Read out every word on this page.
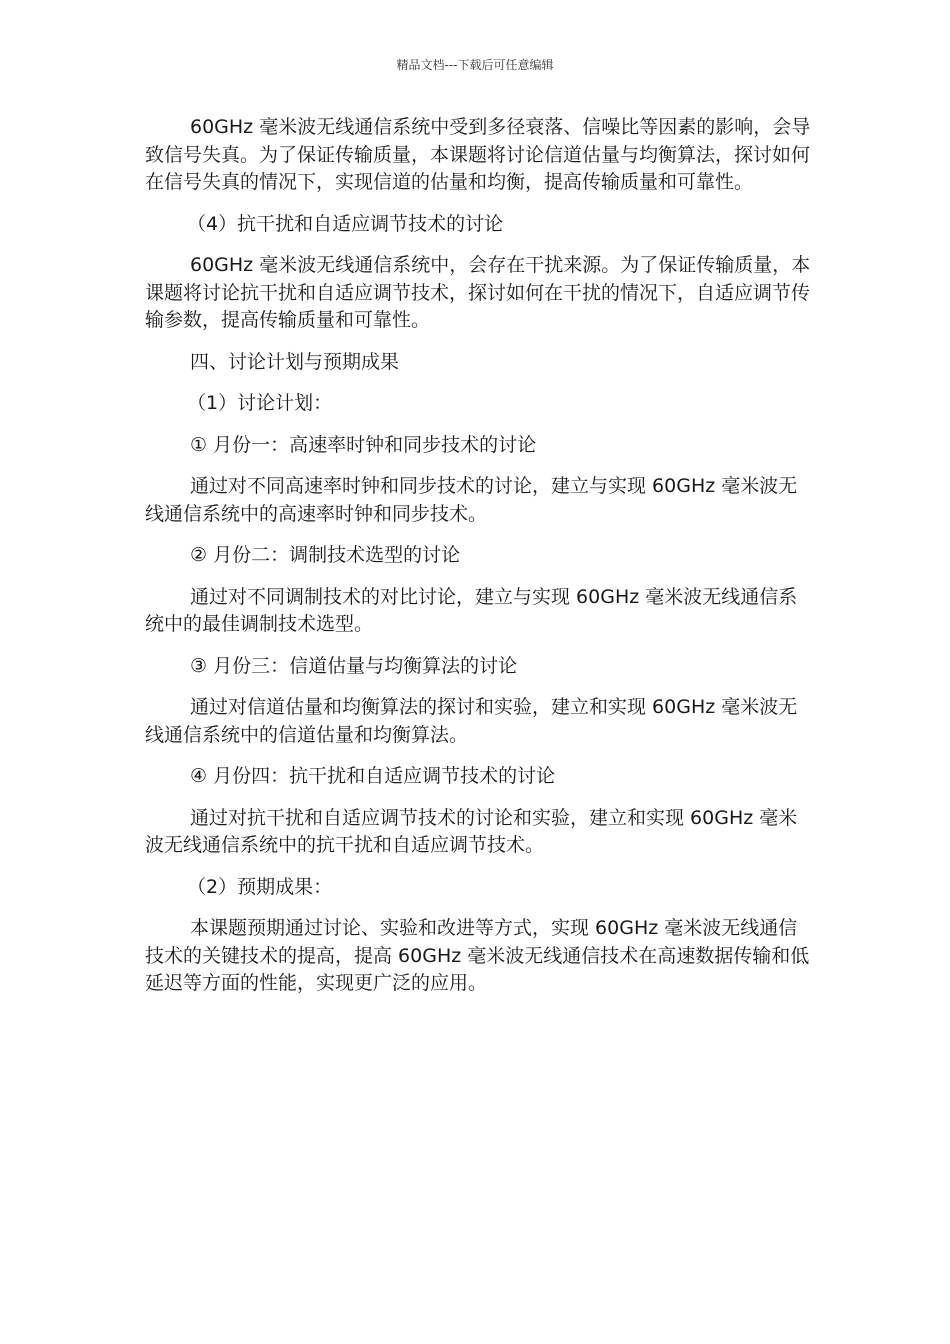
精品文档---下载后可任意编辑

60GHz 毫米波无线通信系统中受到多径衰落、信噪比等因素的影响，会导致信号失真。为了保证传输质量，本课题将讨论信道估量与均衡算法，探讨如何在信号失真的情况下，实现信道的估量和均衡，提高传输质量和可靠性。

（4）抗干扰和自适应调节技术的讨论

60GHz 毫米波无线通信系统中，会存在干扰来源。为了保证传输质量，本课题将讨论抗干扰和自适应调节技术，探讨如何在干扰的情况下，自适应调节传输参数，提高传输质量和可靠性。

四、讨论计划与预期成果

（1）讨论计划：

① 月份一：高速率时钟和同步技术的讨论

通过对不同高速率时钟和同步技术的讨论，建立与实现 60GHz 毫米波无线通信系统中的高速率时钟和同步技术。

② 月份二：调制技术选型的讨论

通过对不同调制技术的对比讨论，建立与实现 60GHz 毫米波无线通信系统中的最佳调制技术选型。

③ 月份三：信道估量与均衡算法的讨论

通过对信道估量和均衡算法的探讨和实验，建立和实现 60GHz 毫米波无线通信系统中的信道估量和均衡算法。

④ 月份四：抗干扰和自适应调节技术的讨论

通过对抗干扰和自适应调节技术的讨论和实验，建立和实现 60GHz 毫米波无线通信系统中的抗干扰和自适应调节技术。

（2）预期成果：

本课题预期通过讨论、实验和改进等方式，实现 60GHz 毫米波无线通信技术的关键技术的提高，提高 60GHz 毫米波无线通信技术在高速数据传输和低延迟等方面的性能，实现更广泛的应用。
